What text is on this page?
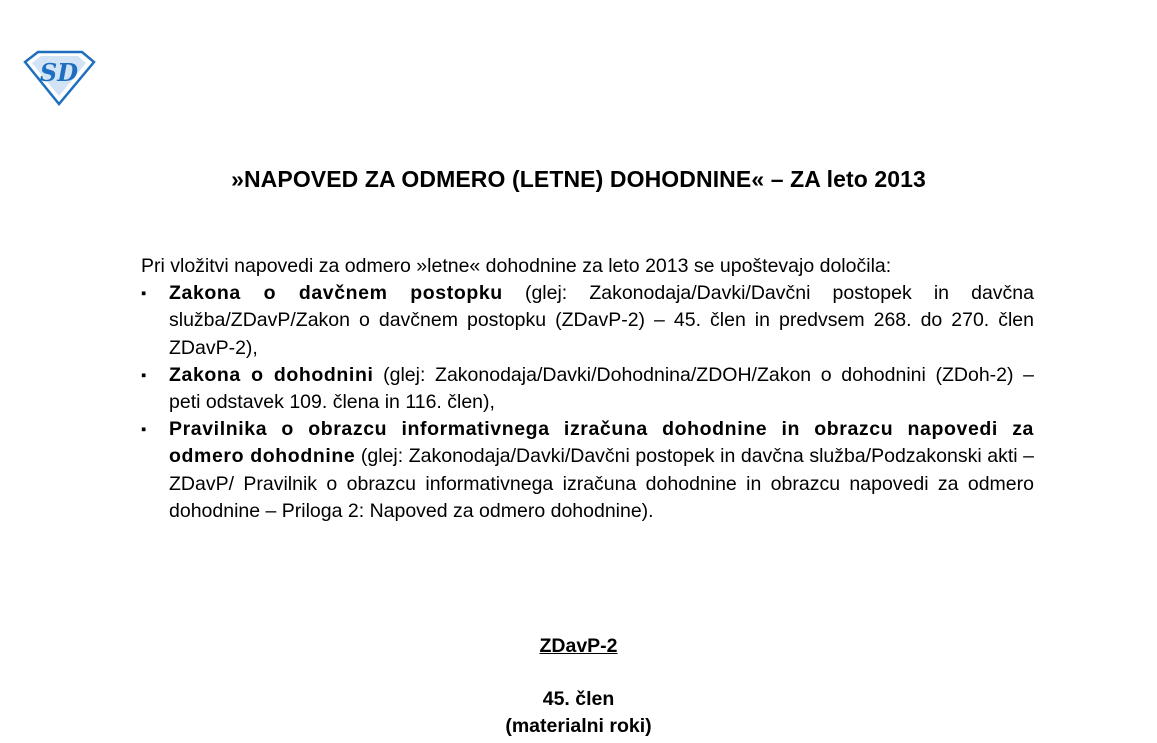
SD
»NAPOVED ZA ODMERO (LETNE) DOHODNINE« – ZA leto 2013

Pri vložitvi napovedi za odmero »letne« dohodnine za leto 2013 se upoštevajo določila:

▪	Zakona o davčnem postopku (glej: Zakonodaja/Davki/Davčni postopek in davčna služba/ZDavP/Zakon o davčnem postopku (ZDavP-2) – 45. člen in predvsem 268. do 270. člen ZDavP-2),
▪	Zakona o dohodnini (glej: Zakonodaja/Davki/Dohodnina/ZDOH/Zakon o dohodnini (ZDoh-2) – peti odstavek 109. člena in 116. člen),
▪	Pravilnika o obrazcu informativnega izračuna dohodnine in obrazcu napovedi za odmero dohodnine (glej: Zakonodaja/Davki/Davčni postopek in davčna služba/Podzakonski akti – ZDavP/ Pravilnik o obrazcu informativnega izračuna dohodnine in obrazcu napovedi za odmero dohodnine – Priloga 2: Napoved za odmero dohodnine).

ZDavP-2

45. člen

(materialni roki)
